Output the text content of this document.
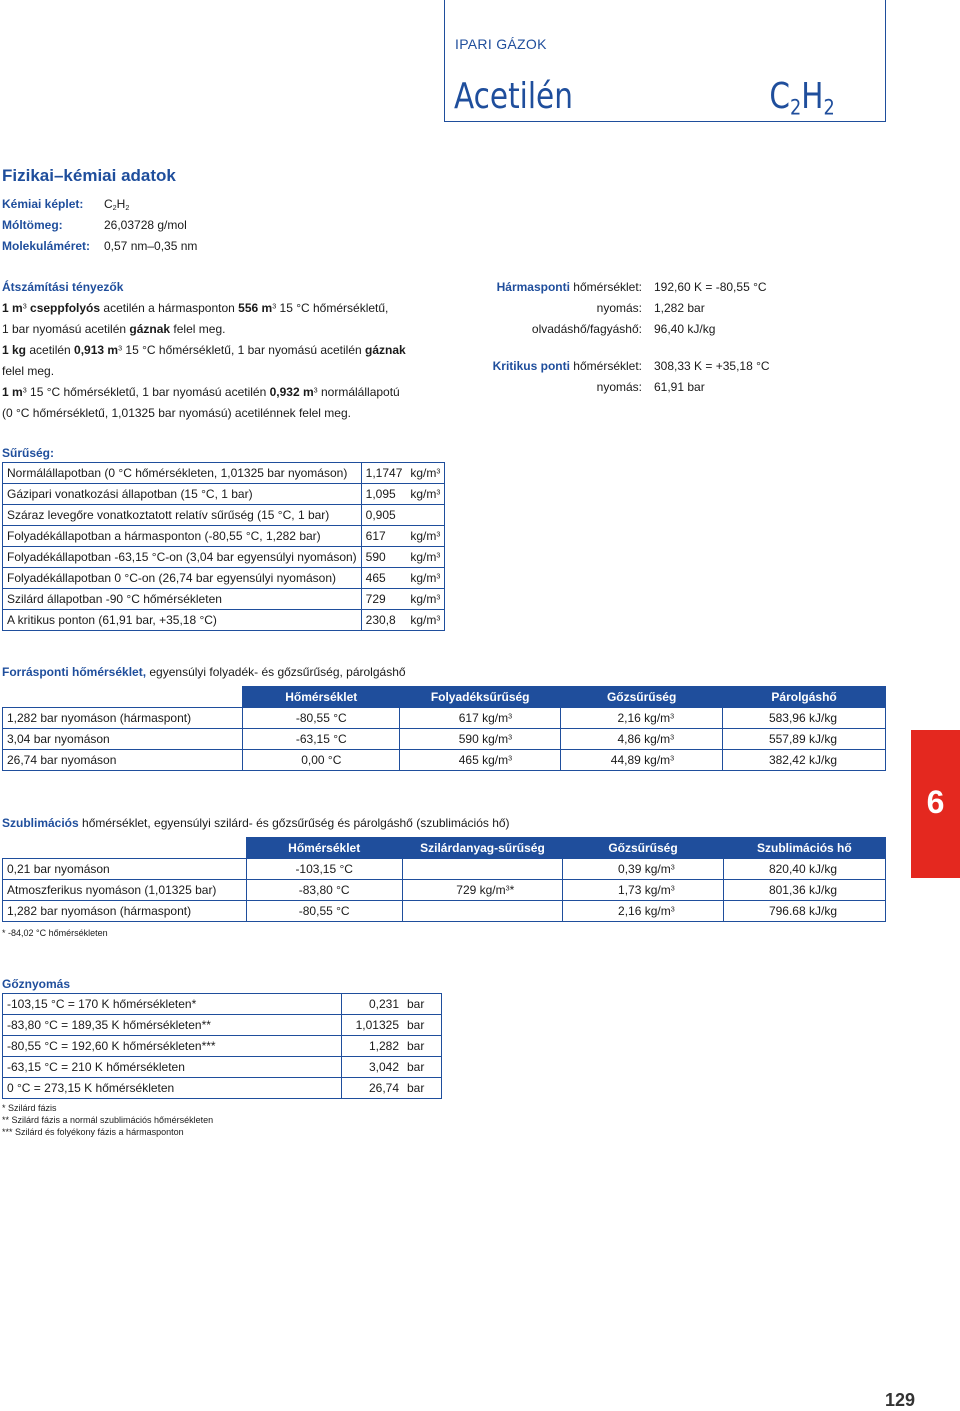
IPARI GÁZOK
Acetilén	$C_2H_2$
Fizikai–kémiai adatok
Kémiai képlet: $C_2H_2$
Móltömeg:	26,03728 g/mol
Molekuláméret: 0,57 nm–0,35 nm
Átszámítási tényezők
1 $m^3$ cseppfolyós acetilén a hármasponton 556 $m^3$ 15 °C hőmérsékletű,
1 bar nyomású acetilén gáznak felel meg.
1 kg acetilén 0,913 $m^3$ 15 °C hőmérsékletű, 1 bar nyomású acetilén gáznak
felel meg.
1 $m^3$ 15 °C hőmérsékletű, 1 bar nyomású acetilén 0,932 $m^3$ normálállapotú
(0 °C hőmérsékletű, 1,01325 bar nyomású) acetilénnek felel meg.
Hármasponti hőmérséklet: 192,60 K = -80,55 °C
nyomás: 1,282 bar
olvadáshő/fagyáshő: 96,40 kJ/kg
Kritikus ponti hőmérséklet: 308,33 K = +35,18 °C
nyomás: 61,91 bar
Sűrűség:
Normálállapotban (0 °C hőmérsékleten, 1,01325 bar nyomáson)	1,1747	$kg/m^3$
Gázipari vonatkozási állapotban (15 °C, 1 bar)	1,095	$kg/m^3$
Száraz levegőre vonatkoztatott relatív sűrűség (15 °C, 1 bar)	0,905	
Folyadékállapotban a hármasponton (-80,55 °C, 1,282 bar)	617	$kg/m^3$
Folyadékállapotban -63,15 °C-on (3,04 bar egyensúlyi nyomáson)	590	$kg/m^3$
Folyadékállapotban 0 °C-on (26,74 bar egyensúlyi nyomáson)	465	$kg/m^3$
Szilárd állapotban -90 °C hőmérsékleten	729	$kg/m^3$
A kritikus ponton (61,91 bar, +35,18 °C)	230,8	$kg/m^3$
Forrásponti hőmérséklet, egyensúlyi folyadék- és gőzsűrűség, párolgáshő
	Hőmérséklet	Folyadéksűrűség	Gőzsűrűség	Párolgáshő
1,282 bar nyomáson (hármaspont)	-80,55 °C	617 $kg/m^3$	2,16 $kg/m^3$	583,96 kJ/kg
3,04 bar nyomáson	-63,15 °C	590 $kg/m^3$	4,86 $kg/m^3$	557,89 kJ/kg
26,74 bar nyomáson	0,00 °C	465 $kg/m^3$	44,89 $kg/m^3$	382,42 kJ/kg
6
Szublimációs hőmérséklet, egyensúlyi szilárd- és gőzsűrűség és párolgáshő (szublimációs hő)
	Hőmérséklet	Szilárdanyag-sűrűség	Gőzsűrűség	Szublimációs hő
0,21 bar nyomáson	-103,15 °C		0,39 $kg/m^3$	820,40 kJ/kg
Atmoszferikus nyomáson (1,01325 bar)	-83,80 °C	729 $kg/m^3*$	1,73 $kg/m^3$	801,36 kJ/kg
1,282 bar nyomáson (hármaspont)	-80,55 °C		2,16 $kg/m^3$	796.68 kJ/kg
* -84,02 °C hőmérsékleten
Gőznyomás
-103,15 °C = 170 K hőmérsékleten*	0,231	bar
-83,80 °C = 189,35 K hőmérsékleten**	1,01325	bar
-80,55 °C = 192,60 K hőmérsékleten***	1,282	bar
-63,15 °C = 210 K hőmérsékleten	3,042	bar
0 °C = 273,15 K hőmérsékleten	26,74	bar
* Szilárd fázis
** Szilárd fázis a normál szublimációs hőmérsékleten
*** Szilárd és folyékony fázis a hármasponton
129
